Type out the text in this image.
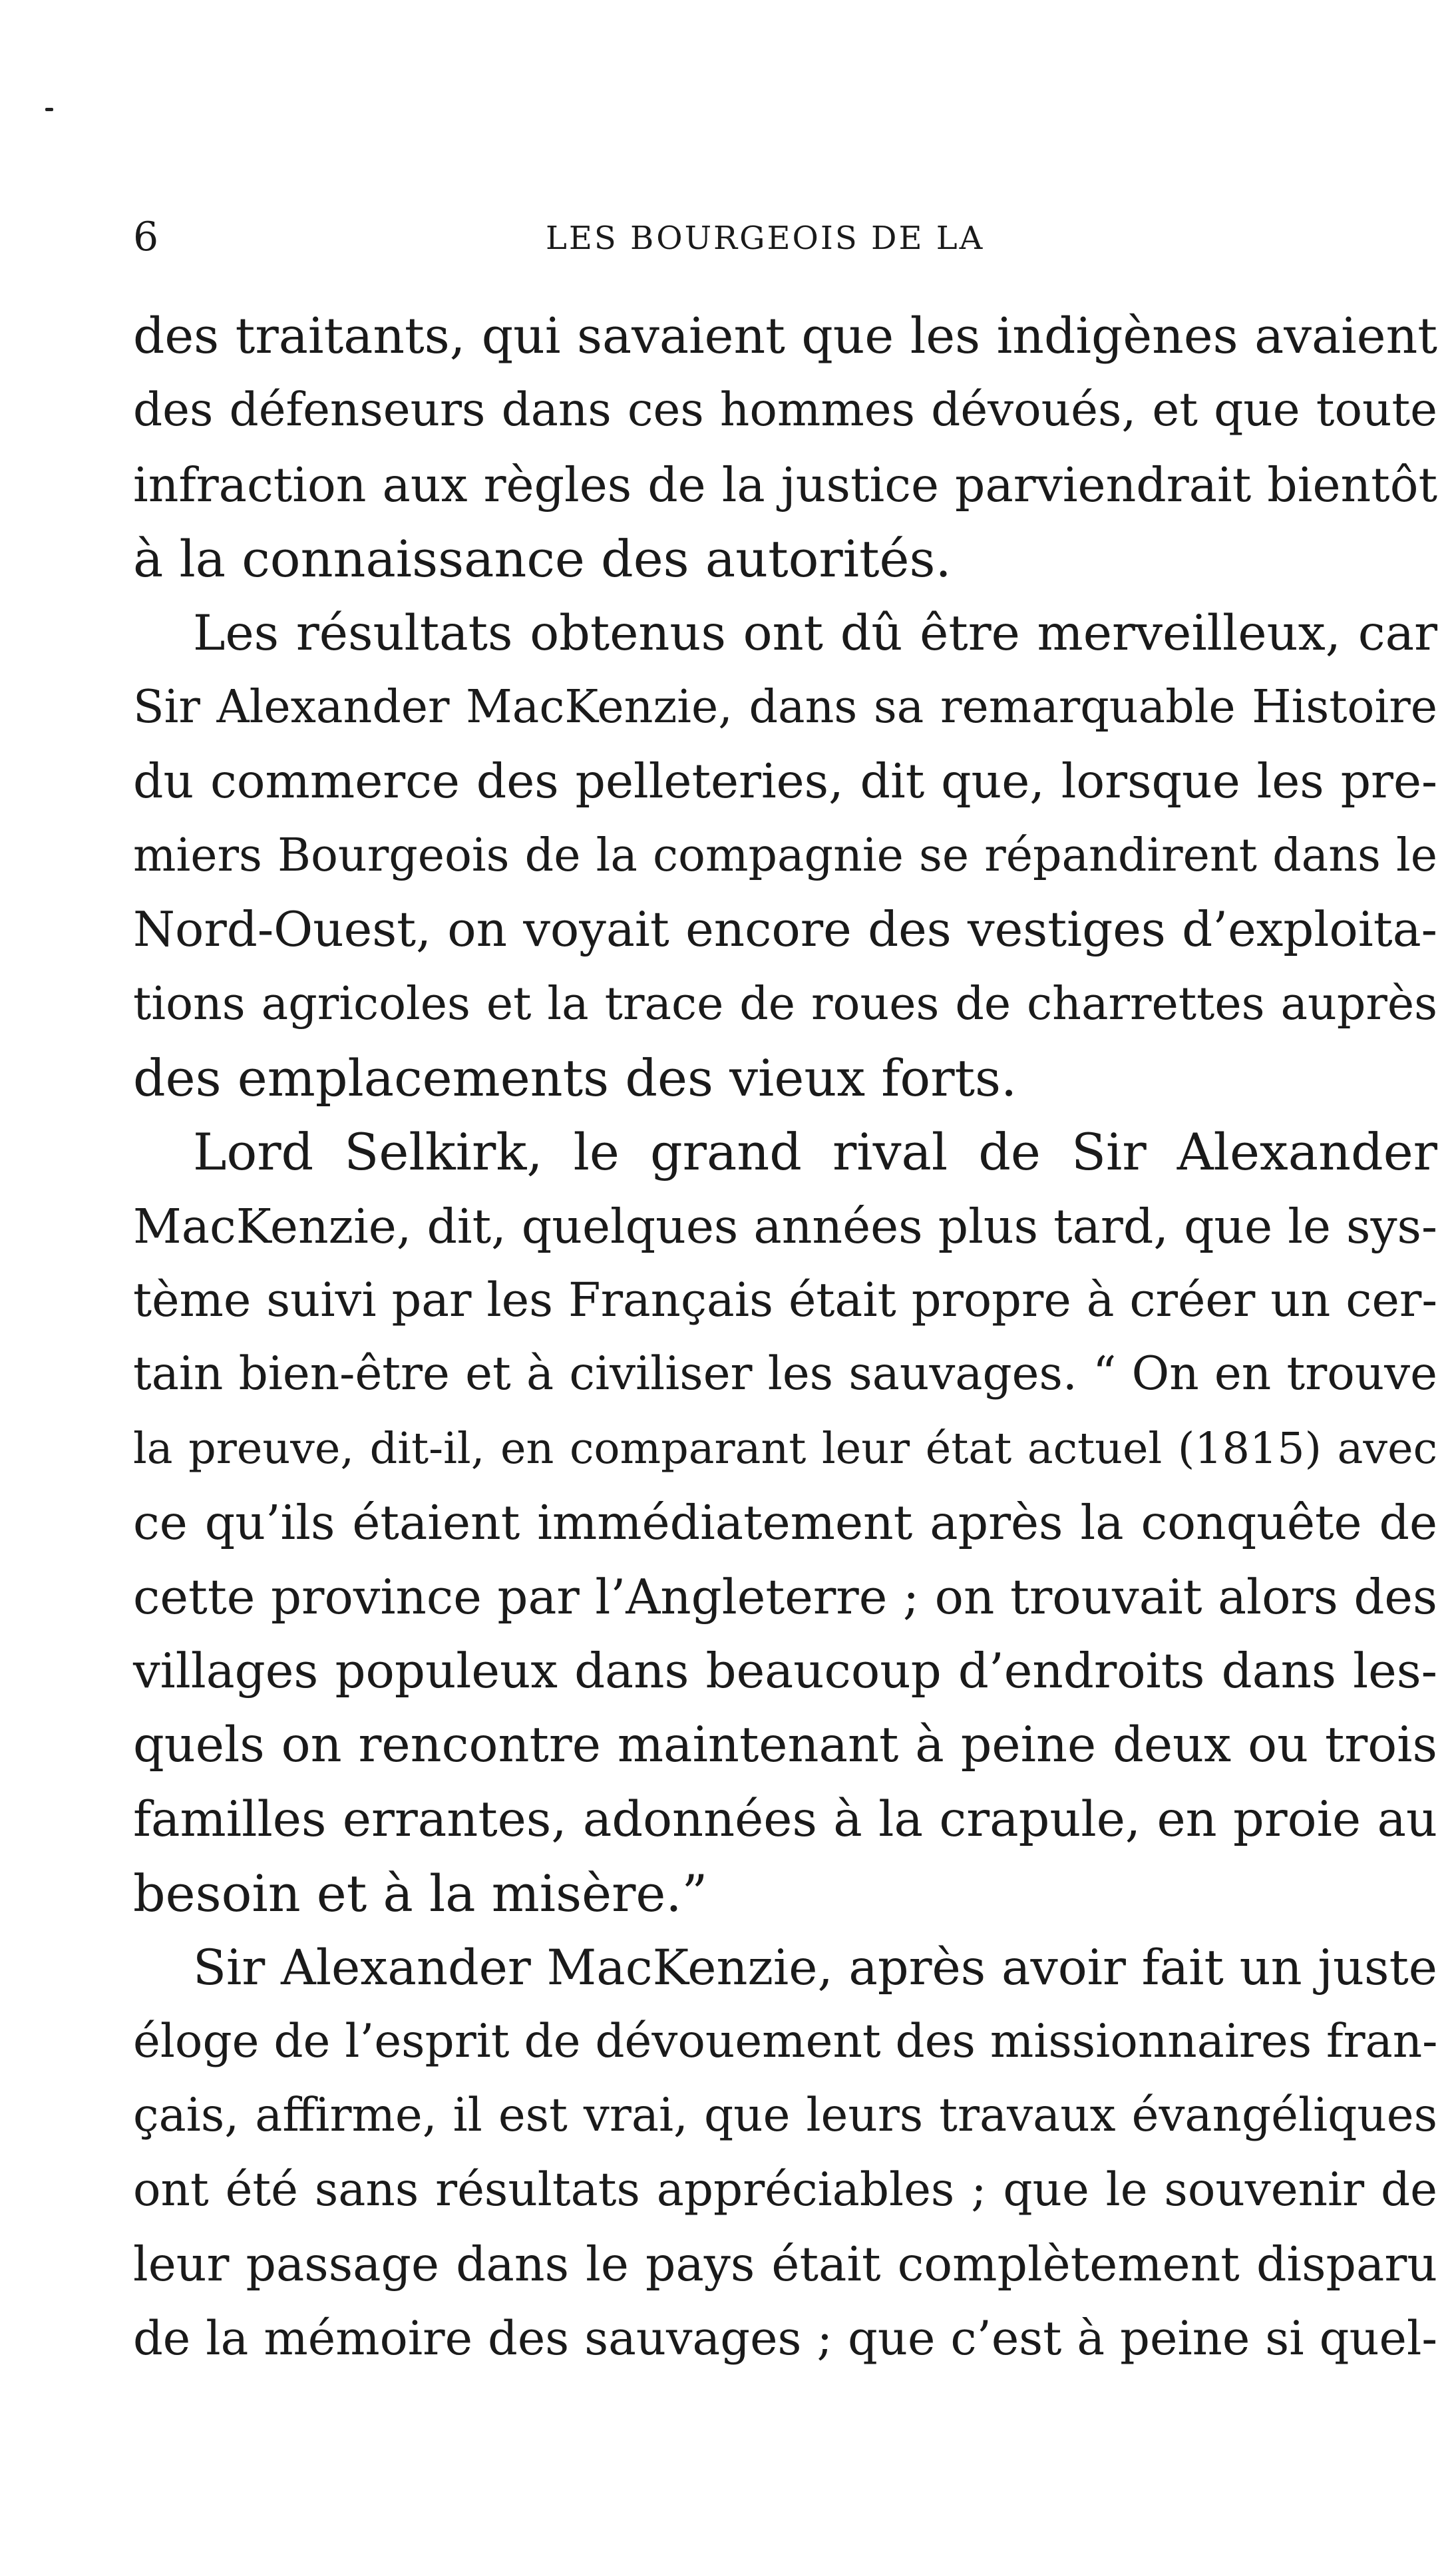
6	LES BOURGEOIS DE LA
des traitants, qui savaient que les indigènes avaient
des défenseurs dans ces hommes dévoués, et que toute
infraction aux règles de la justice parviendrait bientôt
à la connaissance des autorités.
Les résultats obtenus ont dû être merveilleux, car
Sir Alexander MacKenzie, dans sa remarquable Histoire
du commerce des pelleteries, dit que, lorsque les pre-
miers Bourgeois de la compagnie se répandirent dans le
Nord-Ouest, on voyait encore des vestiges d’exploita-
tions agricoles et la trace de roues de charrettes auprès
des emplacements des vieux forts.
Lord Selkirk, le grand rival de Sir Alexander
MacKenzie, dit, quelques années plus tard, que le sys-
tème suivi par les Français était propre à créer un cer-
tain bien-être et à civiliser les sauvages. “ On en trouve
la preuve, dit-il, en comparant leur état actuel (1815) avec
ce qu’ils étaient immédiatement après la conquête de
cette province par l’Angleterre ; on trouvait alors des
villages populeux dans beaucoup d’endroits dans les-
quels on rencontre maintenant à peine deux ou trois
familles errantes, adonnées à la crapule, en proie au
besoin et à la misère.”
Sir Alexander MacKenzie, après avoir fait un juste
éloge de l’esprit de dévouement des missionnaires fran-
çais, affirme, il est vrai, que leurs travaux évangéliques
ont été sans résultats appréciables ; que le souvenir de
leur passage dans le pays était complètement disparu
de la mémoire des sauvages ; que c’est à peine si quel-
